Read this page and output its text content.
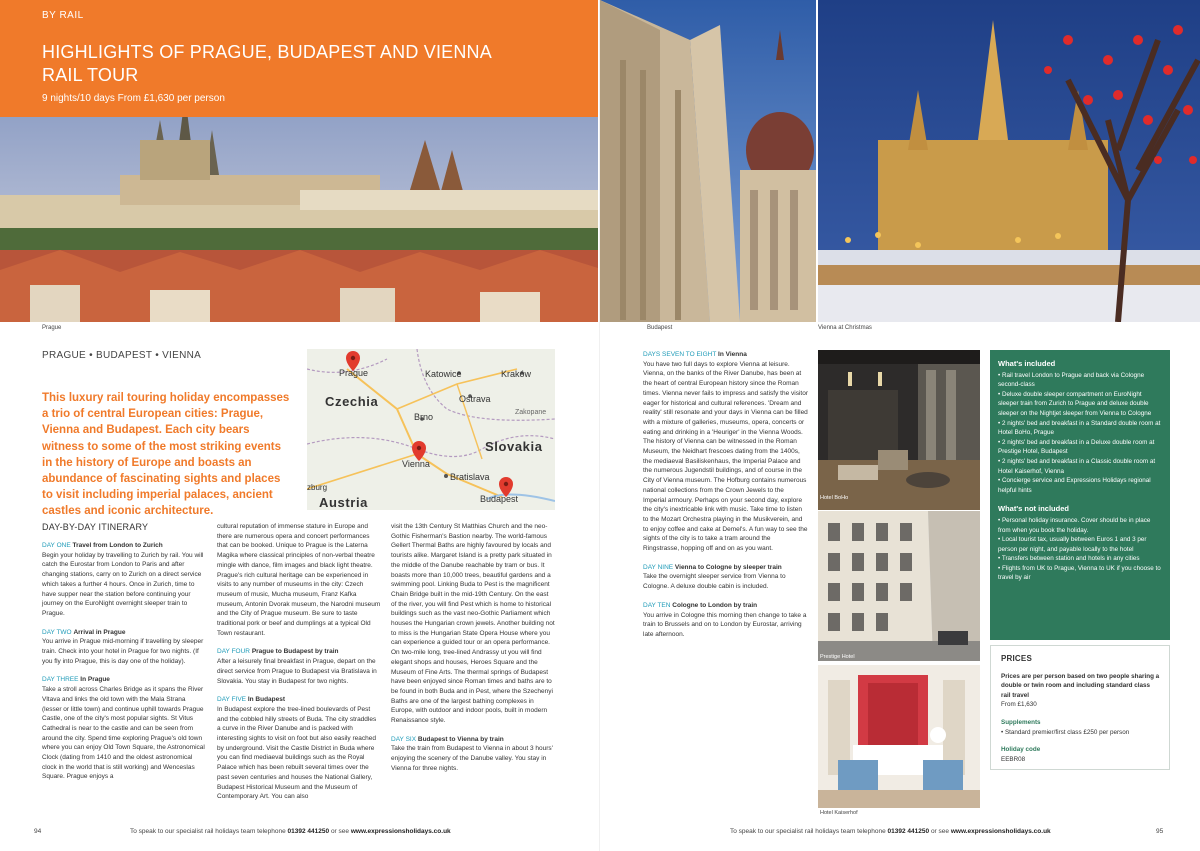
Prague	Budapest	Vienna at Christmas
BY RAIL
HIGHLIGHTS OF PRAGUE, BUDAPEST AND VIENNA RAIL TOUR
9 nights/10 days From £1,630 per person
PRAGUE • BUDAPEST • VIENNA
This luxury rail touring holiday encompasses a trio of central European cities: Prague, Vienna and Budapest. Each city bears witness to some of the most striking events in the history of Europe and boasts an abundance of fascinating sights and places to visit including imperial palaces, ancient castles and iconic architecture.
Prague
Czechia
Katowice	Kraków
Ostrava
Brno	Zakopane
Slovakia
Vienna
Bratislava
Austria	Budapest
zburg
DAY-BY-DAY ITINERARY

DAY ONE Travel from London to Zurich

Begin your holiday by travelling to Zurich by rail. You will catch the Eurostar from London to Paris and after changing stations, carry on to Zurich on a direct service which takes a further 4 hours. Once in Zurich, time to have supper near the station before continuing your journey on the EuroNight overnight sleeper train to Prague.

DAY TWO Arrival in Prague

You arrive in Prague mid-morning if travelling by sleeper train. Check into your hotel in Prague for two nights. (If you fly into Prague, this is day one of the holiday).

DAY THREE In Prague

Take a stroll across Charles Bridge as it spans the River Vltava and links the old town with the Mala Strana (lesser or little town) and continue uphill towards Prague Castle, one of the city's most popular sights. St Vitus Cathedral is near to the castle and can be seen from around the city. Spend time exploring Prague's old town where you can enjoy Old Town Square, the Astronomical Clock (dating from 1410 and the oldest astronomical clock in the world that is still working) and Wenceslas Square. Prague enjoys a

cultural reputation of immense stature in Europe and there are numerous opera and concert performances that can be booked. Unique to Prague is the Laterna Magika where classical principles of non-verbal theatre mingle with dance, film images and black light theatre. Prague's rich cultural heritage can be experienced in visits to any number of museums in the city: Czech museum of music, Mucha museum, Franz Kafka museum, Antonin Dvorak museum, the Narodni museum and the City of Prague museum. Be sure to taste traditional pork or beef and dumplings at a typical Old Town restaurant.

DAY FOUR Prague to Budapest by train

After a leisurely final breakfast in Prague, depart on the direct service from Prague to Budapest via Bratislava in Slovakia. You stay in Budapest for two nights.

DAY FIVE In Budapest

In Budapest explore the tree-lined boulevards of Pest and the cobbled hilly streets of Buda. The city straddles a curve in the River Danube and is packed with interesting sights to visit on foot but also easily reached by underground. Visit the Castle District in Buda where you can find mediaeval buildings such as the Royal Palace which has been rebuilt several times over the past seven centuries and houses the National Gallery, Budapest Historical Museum and the Museum of Contemporary Art. You can also

visit the 13th Century St Matthias Church and the neo-Gothic Fisherman's Bastion nearby. The world-famous Gellert Thermal Baths are highly favoured by locals and tourists alike. Margaret Island is a pretty park situated in the middle of the Danube reachable by tram or bus. It boasts more than 10,000 trees, beautiful gardens and a swimming pool. Linking Buda to Pest is the magnificent Chain Bridge built in the mid-19th Century. On the east of the river, you will find Pest which is home to historical buildings such as the vast neo-Gothic Parliament which houses the Hungarian crown jewels. Another building not to miss is the Hungarian State Opera House where you can experience a guided tour or an opera performance. On two-mile long, tree-lined Andrassy ut you will find elegant shops and houses, Heroes Square and the Museum of Fine Arts. The thermal springs of Budapest have been enjoyed since Roman times and baths are to be found in both Buda and in Pest, where the Szechenyi Baths are one of the largest bathing complexes in Europe, with outdoor and indoor pools, built in modern Renaissance style.

DAY SIX Budapest to Vienna by train

Take the train from Budapest to Vienna in about 3 hours' enjoying the scenery of the Danube valley. You stay in Vienna for three nights.

DAYS SEVEN TO EIGHT In Vienna

You have two full days to explore Vienna at leisure. Vienna, on the banks of the River Danube, has been at the heart of central European history since the Roman times. Vienna never fails to impress and satisfy the visitor eager for historical and cultural references. 'Dream and reality' still resonate and your days in Vienna can be filled with a mixture of galleries, museums, opera, concerts or eating and drinking in a 'Heuriger' in the Vienna Woods. The history of Vienna can be witnessed in the Roman Museum, the Neidhart frescoes dating from the 1400s, the mediaeval Basiliskenhaus, the Imperial Palace and the numerous Jugendstil buildings, and of course in the City of Vienna museum. The Hofburg contains numerous national collections from the Crown Jewels to the Imperial armoury. Perhaps on your second day, explore the city's inextricable link with music. Take time to listen to the Mozart Orchestra playing in the Musikverein, and to enjoy coffee and cake at Demel's. A fun way to see the sights of the city is to take a tram around the Ringstrasse, hopping off and on as you want.

DAY NINE Vienna to Cologne by sleeper train

Take the overnight sleeper service from Vienna to Cologne. A deluxe double cabin is included.

DAY TEN Cologne to London by train

You arrive in Cologne this morning then change to take a train to Brussels and on to London by Eurostar, arriving late afternoon.

Hotel BoHo
Prestige Hotel
Hotel Kaiserhof
What's included

• Rail travel London to Prague and back via Cologne second-class

• Deluxe double sleeper compartment on EuroNight sleeper train from Zurich to Prague and deluxe double sleeper on the Nightjet sleeper from Vienna to Cologne

• 2 nights' bed and breakfast in a Standard double room at Hotel BoHo, Prague

• 2 nights' bed and breakfast in a Deluxe double room at Prestige Hotel, Budapest

• 2 nights' bed and breakfast in a Classic double room at Hotel Kaiserhof, Vienna

• Concierge service and Expressions Holidays regional helpful hints

What's not included

• Personal holiday insurance. Cover should be in place from when you book the holiday.

• Local tourist tax, usually between Euros 1 and 3 per person per night, and payable locally to the hotel

• Transfers between station and hotels in any cities

• Flights from UK to Prague, Vienna to UK if you choose to travel by air

PRICES

Prices are per person based on two people sharing a double or twin room and including standard class rail travel

From £1,630

Supplements

• Standard premier/first class £250 per person

Holiday code

EEBR08

94	To speak to our specialist rail holidays team telephone 01392 441250 or see www.expressionsholidays.co.uk	To speak to our specialist rail holidays team telephone 01392 441250 or see www.expressionsholidays.co.uk	95
